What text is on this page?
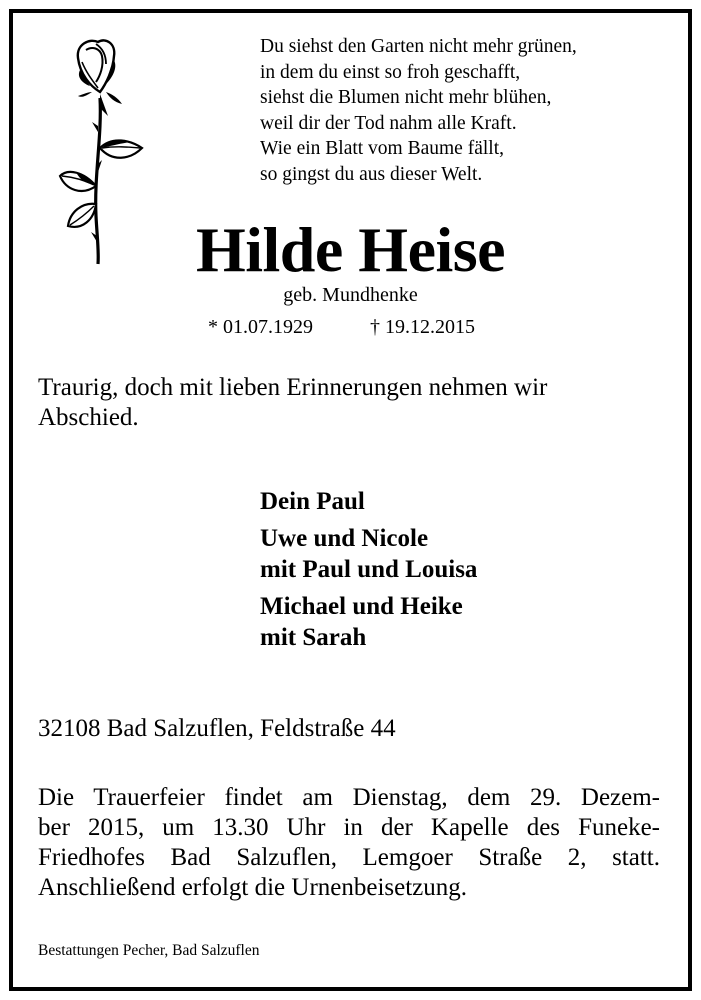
Du siehst den Garten nicht mehr grünen,
in dem du einst so froh geschafft,
siehst die Blumen nicht mehr blühen,
weil dir der Tod nahm alle Kraft.
Wie ein Blatt vom Baume fällt,
so gingst du aus dieser Welt.
Hilde Heise
geb. Mundhenke
* 01.07.1929	† 19.12.2015
Traurig, doch mit lieben Erinnerungen nehmen wir
Abschied.
Dein Paul
Uwe und Nicole
mit Paul und Louisa
Michael und Heike
mit Sarah
32108 Bad Salzuflen, Feldstraße 44
Die Trauerfeier findet am Dienstag, dem 29. Dezem-
ber 2015, um 13.30 Uhr in der Kapelle des Funeke-
Friedhofes Bad Salzuflen, Lemgoer Straße 2, statt.
Anschließend erfolgt die Urnenbeisetzung.
Bestattungen Pecher, Bad Salzuflen
